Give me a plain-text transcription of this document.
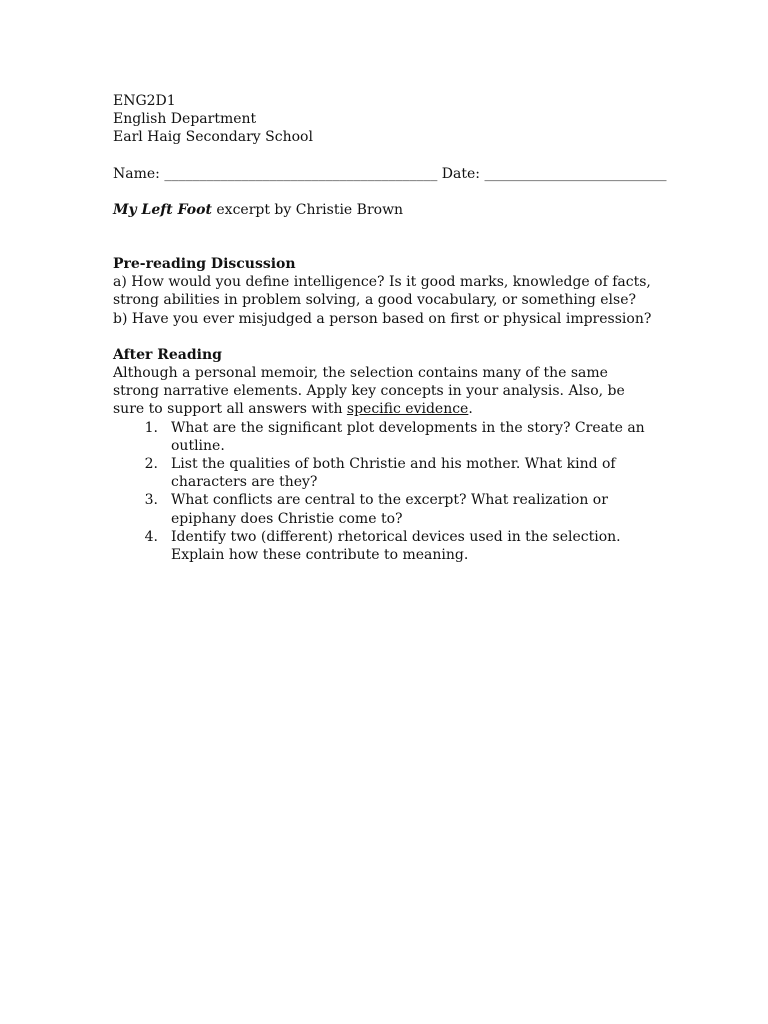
ENG2D1
English Department
Earl Haig Secondary School
Name: _______________________________________ Date: __________________________
My Left Foot excerpt by Christie Brown
Pre-reading Discussion
a) How would you define intelligence? Is it good marks, knowledge of facts, strong abilities in problem solving, a good vocabulary, or something else?
b) Have you ever misjudged a person based on first or physical impression?
After Reading
Although a personal memoir, the selection contains many of the same strong narrative elements. Apply key concepts in your analysis. Also, be sure to support all answers with specific evidence.
1. What are the significant plot developments in the story? Create an outline.
2. List the qualities of both Christie and his mother. What kind of characters are they?
3. What conflicts are central to the excerpt? What realization or epiphany does Christie come to?
4. Identify two (different) rhetorical devices used in the selection. Explain how these contribute to meaning.
